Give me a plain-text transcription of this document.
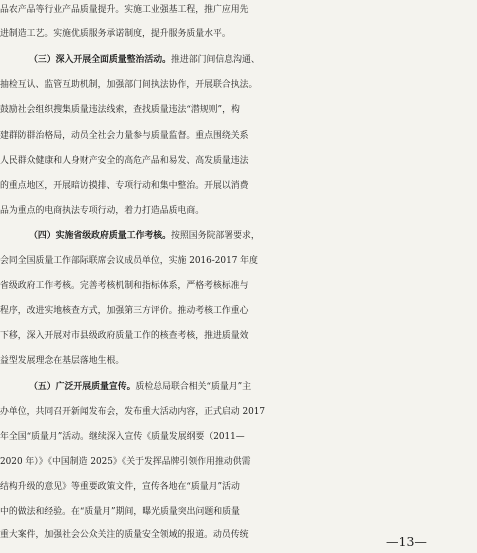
品农产品等行业产品质量提升。实施工业强基工程，推广应用先
进制造工艺。实施优质服务承诺制度，提升服务质量水平。
（三）深入开展全面质量整治活动。推进部门间信息沟通、
抽检互认、监管互助机制，加强部门间执法协作，开展联合执法。
鼓励社会组织搜集质量违法线索，查找质量违法“潜规则”，构
建群防群治格局，动员全社会力量参与质量监督。重点围绕关系
人民群众健康和人身财产安全的高危产品和易发、高发质量违法
的重点地区，开展暗访摸排、专项行动和集中整治。开展以消费
品为重点的电商执法专项行动，着力打造品质电商。
（四）实施省级政府质量工作考核。按照国务院部署要求，
会同全国质量工作部际联席会议成员单位，实施 2016-2017 年度
省级政府工作考核。完善考核机制和指标体系，严格考核标准与
程序，改进实地核查方式，加强第三方评价。推动考核工作重心
下移，深入开展对市县级政府质量工作的核查考核，推进质量效
益型发展理念在基层落地生根。
（五）广泛开展质量宣传。质检总局联合相关“质量月”主
办单位，共同召开新闻发布会，发布重大活动内容，正式启动 2017
年全国“质量月”活动。继续深入宣传《质量发展纲要（2011—
2020 年）》《中国制造 2025》《关于发挥品牌引领作用推动供需
结构升级的意见》等重要政策文件，宣传各地在“质量月”活动
中的做法和经验。在“质量月”期间，曝光质量突出问题和质量
重大案件，加强社会公众关注的质量安全领域的报道。动员传统	—13—
